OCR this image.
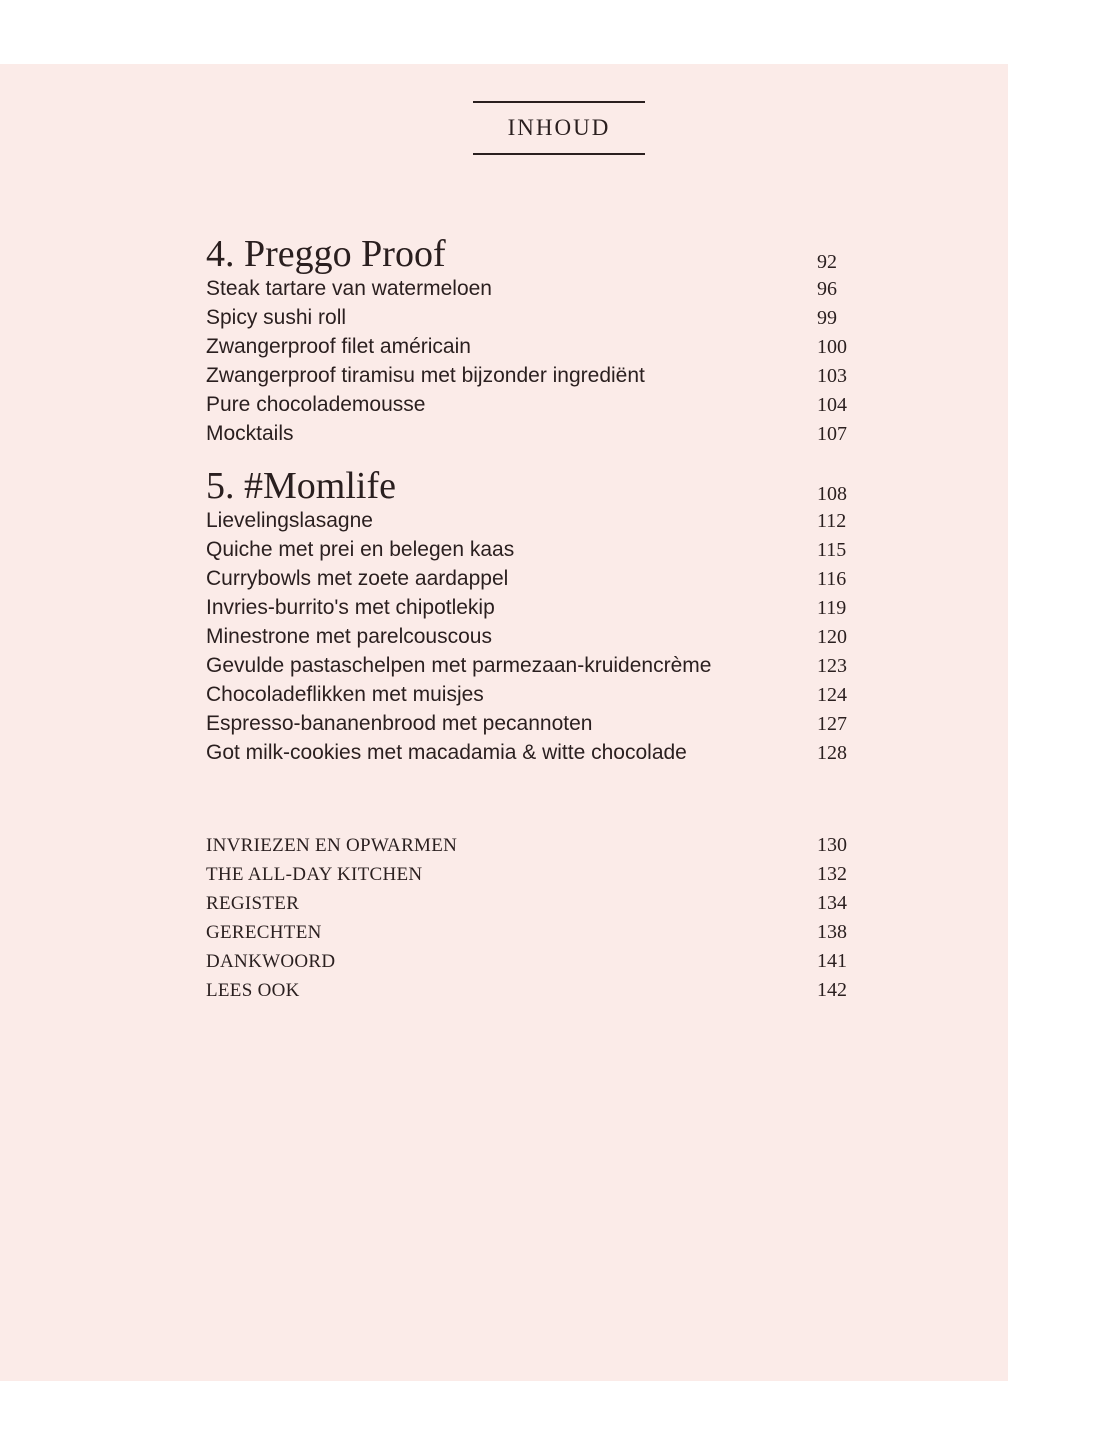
INHOUD
4. Preggo Proof	92
Steak tartare van watermeloen	96
Spicy sushi roll	99
Zwangerproof filet américain	100
Zwangerproof tiramisu met bijzonder ingrediënt	103
Pure chocolademousse	104
Mocktails	107
5. #Momlife	108
Lievelingslasagne	112
Quiche met prei en belegen kaas	115
Currybowls met zoete aardappel	116
Invries-burrito's met chipotlekip	119
Minestrone met parelcouscous	120
Gevulde pastaschelpen met parmezaan-kruidencrème	123
Chocoladeflikken met muisjes	124
Espresso-bananenbrood met pecannoten	127
Got milk-cookies met macadamia & witte chocolade	128
INVRIEZEN EN OPWARMEN	130
THE ALL-DAY KITCHEN	132
REGISTER	134
GERECHTEN	138
DANKWOORD	141
LEES OOK	142
